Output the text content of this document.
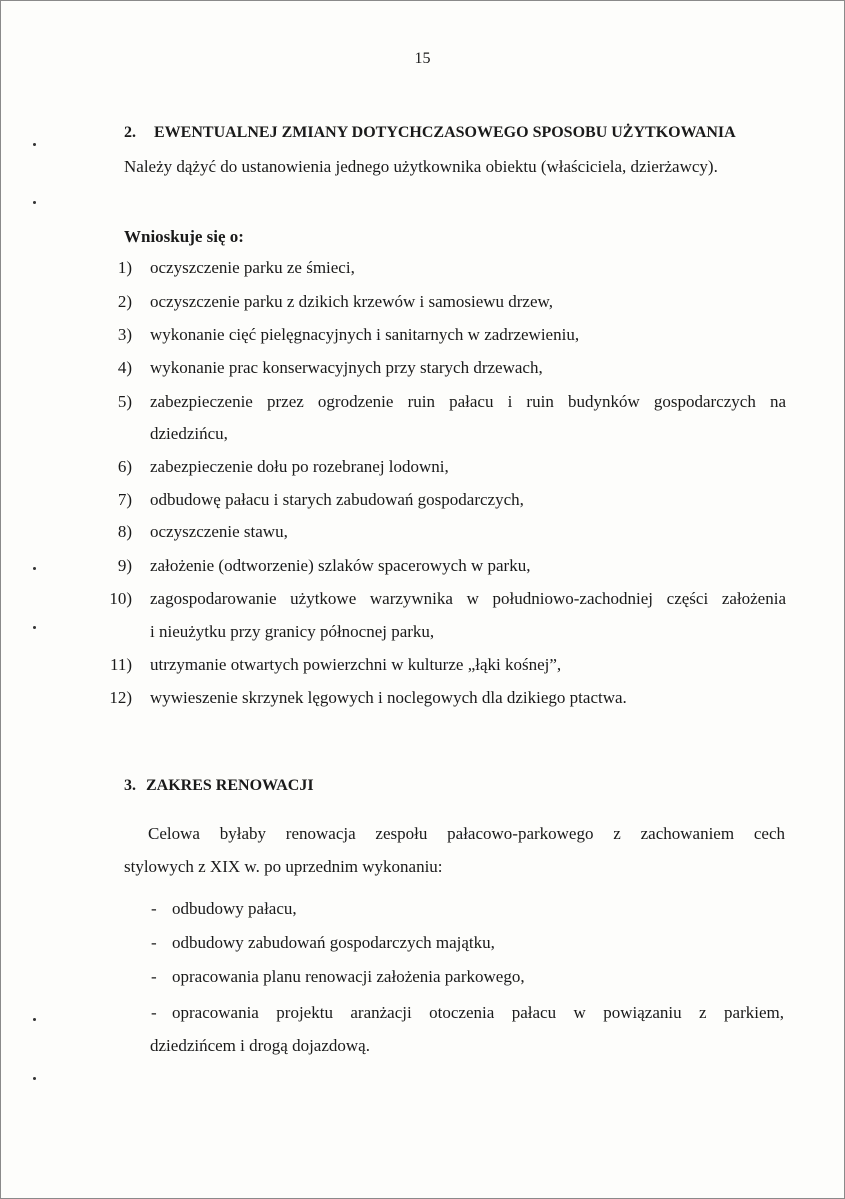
15
2. EWENTUALNEJ ZMIANY DOTYCHCZASOWEGO SPOSOBU UŻYTKOWANIA
Należy dążyć do ustanowienia jednego użytkownika obiektu (właściciela, dzierżawcy).
Wnioskuje się o:
1) oczyszczenie parku ze śmieci,
2) oczyszczenie parku z dzikich krzewów i samosiewu drzew,
3) wykonanie cięć pielęgnacyjnych i sanitarnych w zadrzewieniu,
4) wykonanie prac konserwacyjnych przy starych drzewach,
5) zabezpieczenie przez ogrodzenie ruin pałacu i ruin budynków gospodarczych na
dziedzińcu,
6) zabezpieczenie dołu po rozebranej lodowni,
7) odbudowę pałacu i starych zabudowań gospodarczych,
8) oczyszczenie stawu,
9) założenie (odtworzenie) szlaków spacerowych w parku,
10) zagospodarowanie użytkowe warzywnika w południowo-zachodniej części założenia
i nieużytku przy granicy północnej parku,
11) utrzymanie otwartych powierzchni w kulturze „łąki kośnej”,
12) wywieszenie skrzynek lęgowych i noclegowych dla dzikiego ptactwa.
3. ZAKRES RENOWACJI
Celowa byłaby renowacja zespołu pałacowo-parkowego z zachowaniem cech
stylowych z XIX w. po uprzednim wykonaniu:
- odbudowy pałacu,
- odbudowy zabudowań gospodarczych majątku,
- opracowania planu renowacji założenia parkowego,
- opracowania projektu aranżacji otoczenia pałacu w powiązaniu z parkiem,
dziedzińcem i drogą dojazdową.
